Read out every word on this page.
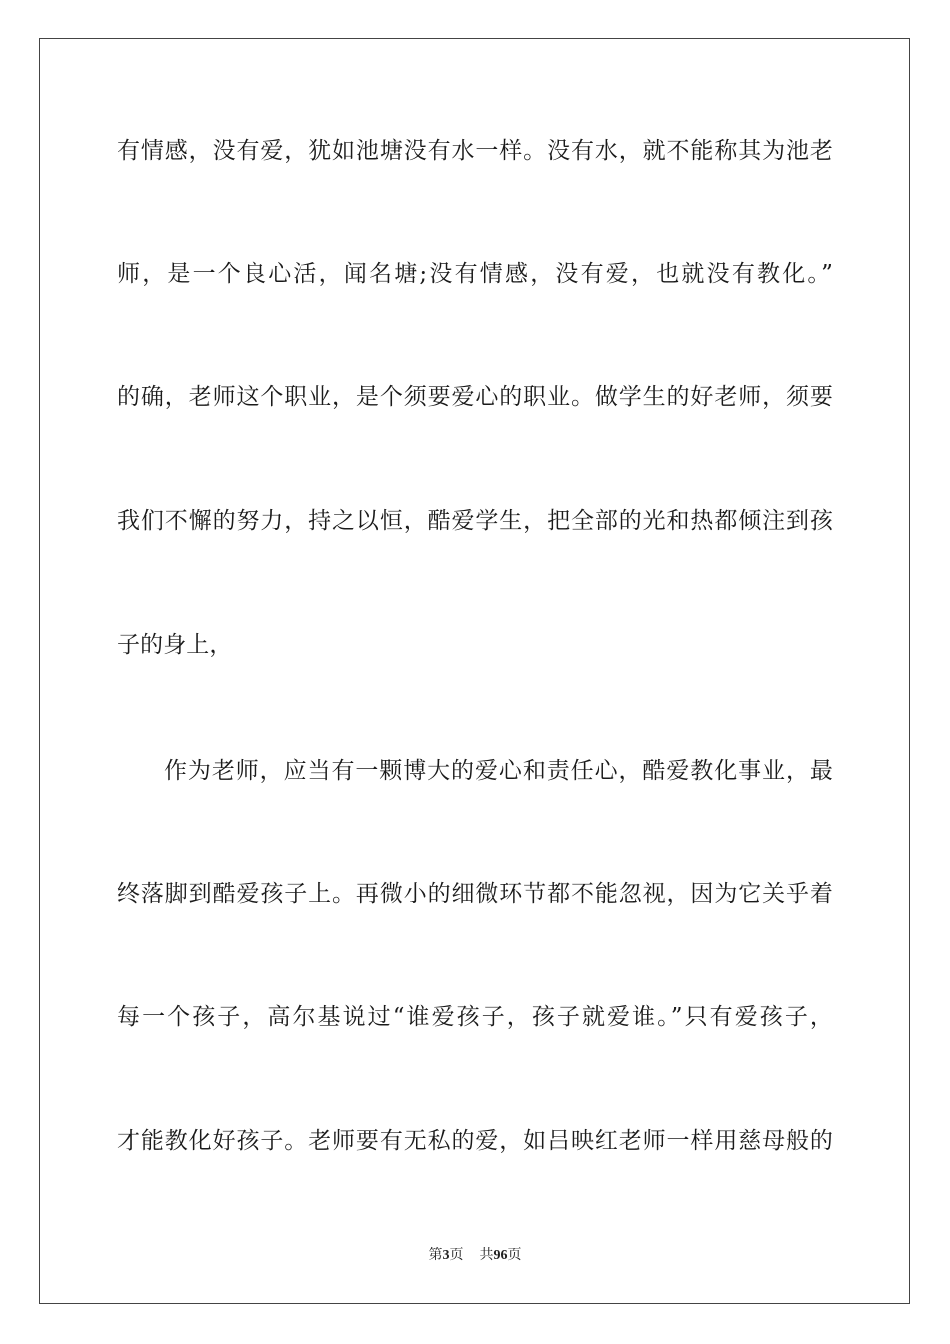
有情感，没有爱，犹如池塘没有水一样。没有水，就不能称其为池老
师，是一个良心活，闻名塘;没有情感，没有爱，也就没有教化。”
的确，老师这个职业，是个须要爱心的职业。做学生的好老师，须要
我们不懈的努力，持之以恒，酷爱学生，把全部的光和热都倾注到孩
子的身上，
作为老师，应当有一颗博大的爱心和责任心，酷爱教化事业，最
终落脚到酷爱孩子上。再微小的细微环节都不能忽视，因为它关乎着
每一个孩子，高尔基说过“谁爱孩子，孩子就爱谁。”只有爱孩子，
才能教化好孩子。老师要有无私的爱，如吕映红老师一样用慈母般的
第3页 共96页
